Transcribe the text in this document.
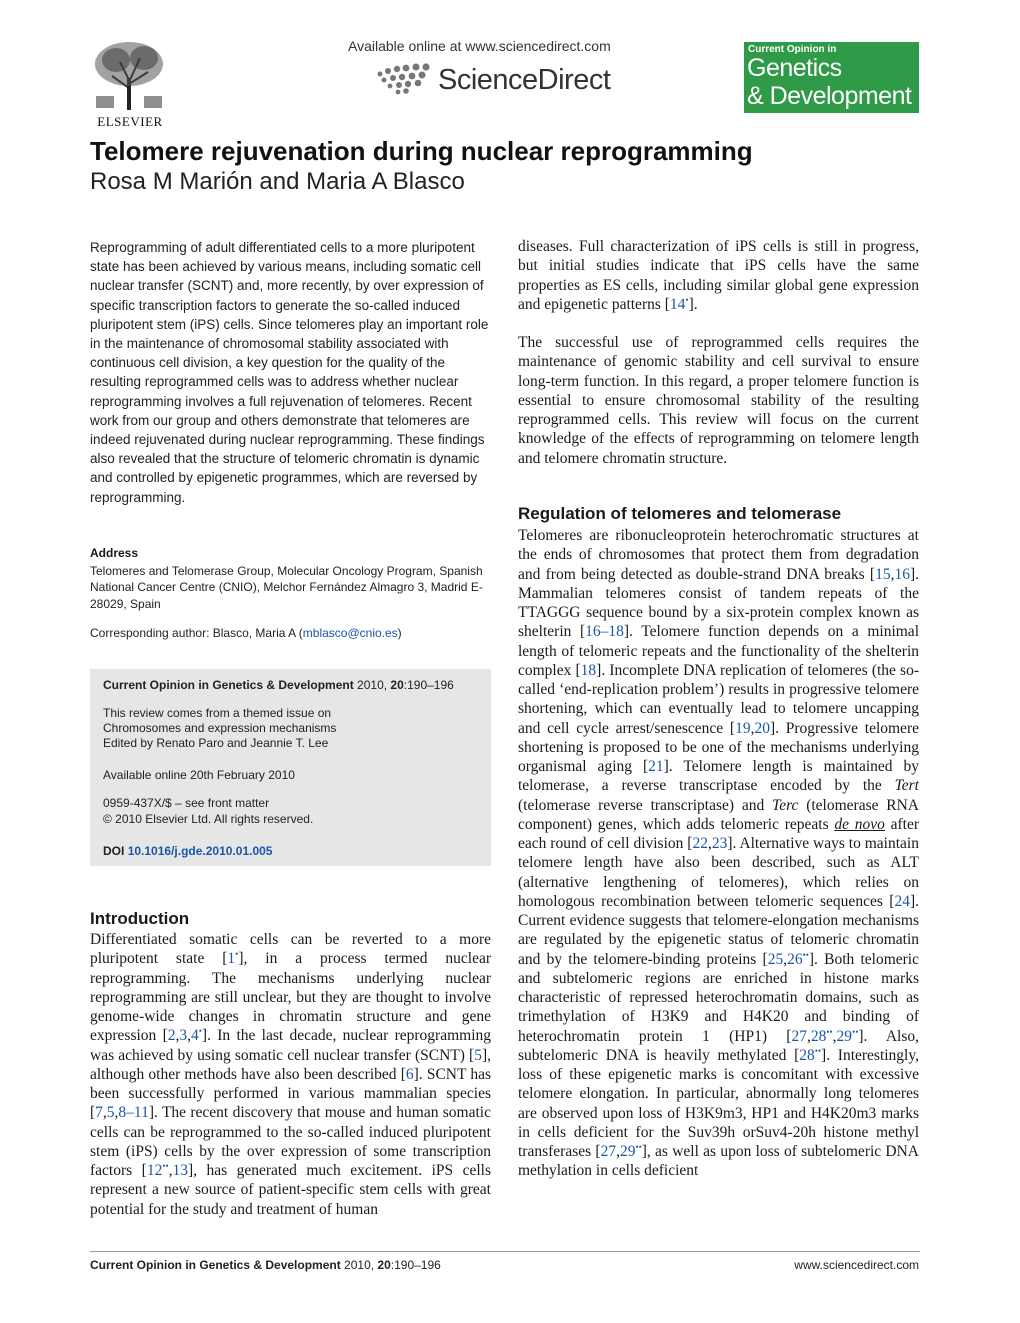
ELSEVIER
Available online at www.sciencedirect.com
ScienceDirect
Current Opinion in
Genetics
& Development
Telomere rejuvenation during nuclear reprogramming
Rosa M Marión and Maria A Blasco
Reprogramming of adult differentiated cells to a more pluripotent state has been achieved by various means, including somatic cell nuclear transfer (SCNT) and, more recently, by over expression of specific transcription factors to generate the so-called induced pluripotent stem (iPS) cells. Since telomeres play an important role in the maintenance of chromosomal stability associated with continuous cell division, a key question for the quality of the resulting reprogrammed cells was to address whether nuclear reprogramming involves a full rejuvenation of telomeres. Recent work from our group and others demonstrate that telomeres are indeed rejuvenated during nuclear reprogramming. These findings also revealed that the structure of telomeric chromatin is dynamic and controlled by epigenetic programmes, which are reversed by reprogramming.
Address
Telomeres and Telomerase Group, Molecular Oncology Program, Spanish National Cancer Centre (CNIO), Melchor Fernández Almagro 3, Madrid E-28029, Spain
Corresponding author: Blasco, Maria A (mblasco@cnio.es)
Current Opinion in Genetics & Development 2010, 20:190–196
This review comes from a themed issue on
Chromosomes and expression mechanisms
Edited by Renato Paro and Jeannie T. Lee
Available online 20th February 2010
0959-437X/$ – see front matter
© 2010 Elsevier Ltd. All rights reserved.
DOI 10.1016/j.gde.2010.01.005
Introduction
Differentiated somatic cells can be reverted to a more pluripotent state [1•], in a process termed nuclear reprogramming. The mechanisms underlying nuclear reprogramming are still unclear, but they are thought to involve genome-wide changes in chromatin structure and gene expression [2,3,4•]. In the last decade, nuclear reprogramming was achieved by using somatic cell nuclear transfer (SCNT) [5], although other methods have also been described [6]. SCNT has been successfully performed in various mammalian species [7,5,8–11]. The recent discovery that mouse and human somatic cells can be reprogrammed to the so-called induced pluripotent stem (iPS) cells by the over expression of some transcription factors [12••,13], has generated much excitement. iPS cells represent a new source of patient-specific stem cells with great potential for the study and treatment of human
diseases. Full characterization of iPS cells is still in progress, but initial studies indicate that iPS cells have the same properties as ES cells, including similar global gene expression and epigenetic patterns [14•].
The successful use of reprogrammed cells requires the maintenance of genomic stability and cell survival to ensure long-term function. In this regard, a proper telomere function is essential to ensure chromosomal stability of the resulting reprogrammed cells. This review will focus on the current knowledge of the effects of reprogramming on telomere length and telomere chromatin structure.
Regulation of telomeres and telomerase
Telomeres are ribonucleoprotein heterochromatic structures at the ends of chromosomes that protect them from degradation and from being detected as double-strand DNA breaks [15,16]. Mammalian telomeres consist of tandem repeats of the TTAGGG sequence bound by a six-protein complex known as shelterin [16–18]. Telomere function depends on a minimal length of telomeric repeats and the functionality of the shelterin complex [18]. Incomplete DNA replication of telomeres (the so-called ‘end-replication problem’) results in progressive telomere shortening, which can eventually lead to telomere uncapping and cell cycle arrest/senescence [19,20]. Progressive telomere shortening is proposed to be one of the mechanisms underlying organismal aging [21]. Telomere length is maintained by telomerase, a reverse transcriptase encoded by the Tert (telomerase reverse transcriptase) and Terc (telomerase RNA component) genes, which adds telomeric repeats de novo after each round of cell division [22,23]. Alternative ways to maintain telomere length have also been described, such as ALT (alternative lengthening of telomeres), which relies on homologous recombination between telomeric sequences [24]. Current evidence suggests that telomere-elongation mechanisms are regulated by the epigenetic status of telomeric chromatin and by the telomere-binding proteins [25,26••]. Both telomeric and subtelomeric regions are enriched in histone marks characteristic of repressed heterochromatin domains, such as trimethylation of H3K9 and H4K20 and binding of heterochromatin protein 1 (HP1) [27,28••,29••]. Also, subtelomeric DNA is heavily methylated [28••]. Interestingly, loss of these epigenetic marks is concomitant with excessive telomere elongation. In particular, abnormally long telomeres are observed upon loss of H3K9m3, HP1 and H4K20m3 marks in cells deficient for the Suv39h orSuv4-20h histone methyl transferases [27,29••], as well as upon loss of subtelomeric DNA methylation in cells deficient
Current Opinion in Genetics & Development 2010, 20:190–196	www.sciencedirect.com
